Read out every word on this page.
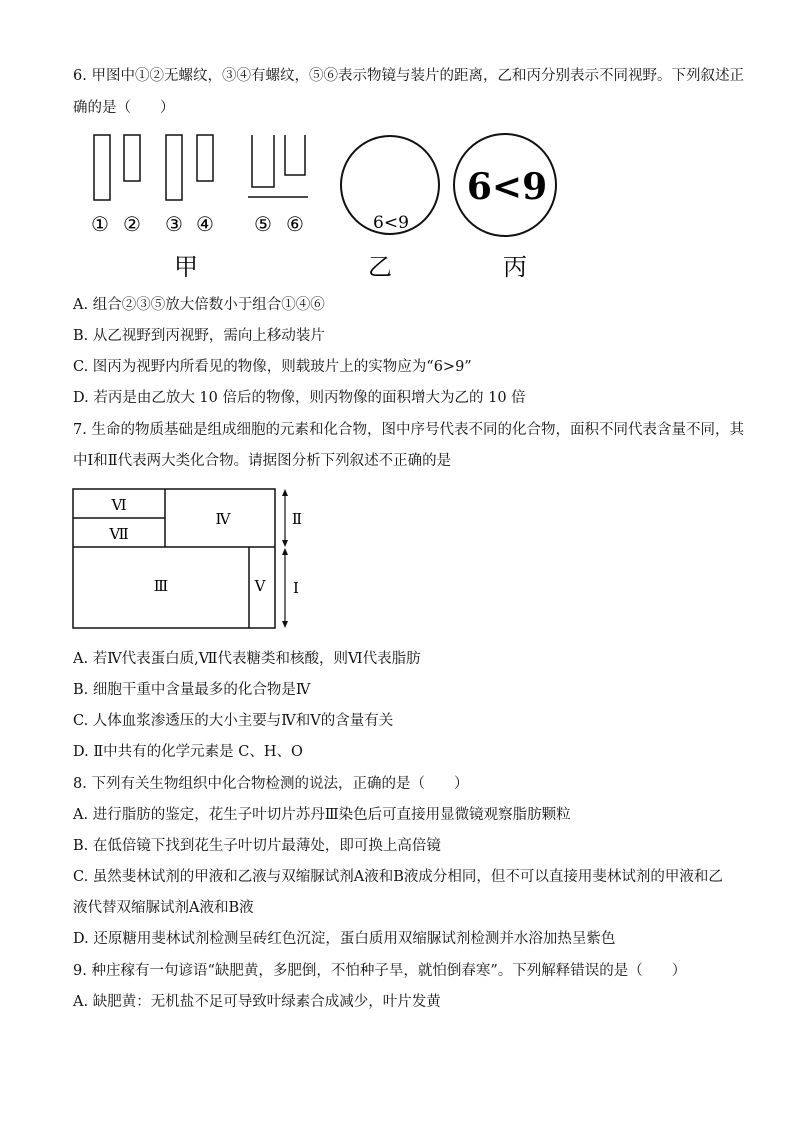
6. 甲图中①②无螺纹，③④有螺纹，⑤⑥表示物镜与装片的距离，乙和丙分别表示不同视野。下列叙述正
确的是（　　）
① ② ③ ④ ⑤ ⑥
甲
6<9
乙
6<9
丙
A. 组合②③⑤放大倍数小于组合①④⑥
B. 从乙视野到丙视野，需向上移动装片
C. 图丙为视野内所看见的物像，则载玻片上的实物应为“6>9”
D. 若丙是由乙放大 10 倍后的物像，则丙物像的面积增大为乙的 10 倍
7. 生命的物质基础是组成细胞的元素和化合物，图中序号代表不同的化合物，面积不同代表含量不同，其
中Ⅰ和Ⅱ代表两大类化合物。请据图分析下列叙述不正确的是
Ⅵ
Ⅶ
Ⅳ
Ⅲ	Ⅴ
Ⅱ
Ⅰ
A. 若Ⅳ代表蛋白质,Ⅶ代表糖类和核酸，则Ⅵ代表脂肪
B. 细胞干重中含量最多的化合物是Ⅳ
C. 人体血浆渗透压的大小主要与Ⅳ和Ⅴ的含量有关
D. Ⅱ中共有的化学元素是 C、H、O
8. 下列有关生物组织中化合物检测的说法，正确的是（　　）
A. 进行脂肪的鉴定，花生子叶切片苏丹Ⅲ染色后可直接用显微镜观察脂肪颗粒
B. 在低倍镜下找到花生子叶切片最薄处，即可换上高倍镜
C. 虽然斐林试剂的甲液和乙液与双缩脲试剂A液和B液成分相同，但不可以直接用斐林试剂的甲液和乙
液代替双缩脲试剂A液和B液
D. 还原糖用斐林试剂检测呈砖红色沉淀，蛋白质用双缩脲试剂检测并水浴加热呈紫色
9. 种庄稼有一句谚语“缺肥黄，多肥倒，不怕种子旱，就怕倒春寒”。下列解释错误的是（　　）
A. 缺肥黄：无机盐不足可导致叶绿素合成减少，叶片发黄
